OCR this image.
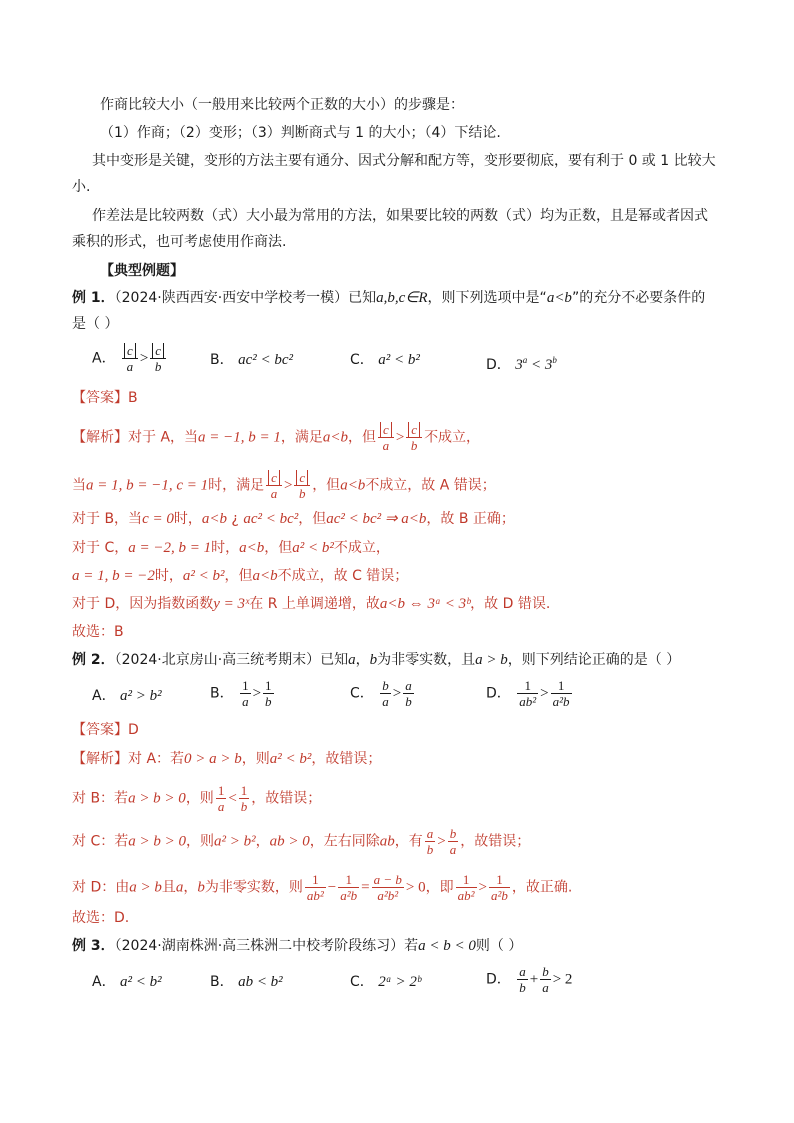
作商比较大小（一般用来比较两个正数的大小）的步骤是：
（1）作商；（2）变形；（3）判断商式与 1 的大小；（4）下结论.
其中变形是关键，变形的方法主要有通分、因式分解和配方等，变形要彻底，要有利于 0 或 1 比较大
小.
作差法是比较两数（式）大小最为常用的方法，如果要比较的两数（式）均为正数，且是幂或者因式
乘积的形式，也可考虑使用作商法.
【典型例题】
例 1．（2024·陕西西安·西安中学校考一模）已知a,b,c∈R，则下列选项中是“a<b”的充分不必要条件的
是（ ）
A． $\frac{c}{a} > \frac{c}{b}$	B． ac² < bc²	C． a² < b²	D． $3^a < 3^b$
【答案】B
【解析】对于 A，当a = −1, b = 1，满足a<b，但 $\frac{c}{a} > \frac{c}{b}$ 不成立，
当a = 1, b = −1, c = 1时，满足 $\frac{c}{a} > \frac{c}{b}$ ，但a<b不成立，故 A 错误；
对于 B，当c = 0时，a<b ¿ ac² < bc²，但ac² < bc² ⇒ a<b，故 B 正确；
对于 C，a = −2, b = 1时，a<b，但a² < b²不成立，
a = 1, b = −2时，a² < b²，但a<b不成立，故 C 错误；
对于 D，因为指数函数y = 3ˣ在 R 上单调递增，故a<b ⇔ 3ᵃ < 3ᵇ，故 D 错误.
故选：B
例 2．（2024·北京房山·高三统考期末）已知a，b为非零实数，且a > b，则下列结论正确的是（ ）
A． a² > b²	B． $\frac{1}{a} > \frac{1}{b}$	C． $\frac{b}{a} > \frac{a}{b}$	D． $\frac{1}{\text{ab²}} > \frac{1}{\text{a²b}}$
【答案】D
【解析】对 A：若0 > a > b，则a² < b²，故错误；
对 B：若a > b > 0，则 $\frac{1}{a} < \frac{1}{b}$ ，故错误；
对 C：若a > b > 0，则a² > b²，ab > 0，左右同除ab，有 $\frac{a}{b} > \frac{b}{a}$ ，故错误；
对 D：由a > b且a，b为非零实数，则 $\frac{1}{\text{ab²}} - \frac{1}{\text{a²b}} = \frac{a - b}{\text{a²b²}} > 0$，即 $\frac{1}{\text{ab²}} > \frac{1}{\text{a²b}}$ ，故正确.
故选：D.
例 3．（2024·湖南株洲·高三株洲二中校考阶段练习）若a < b < 0则（ ）
A． a² < b²	B． ab < b²	C． 2ᵃ > 2ᵇ	D． $\frac{a}{b} + \frac{b}{a} > 2$
